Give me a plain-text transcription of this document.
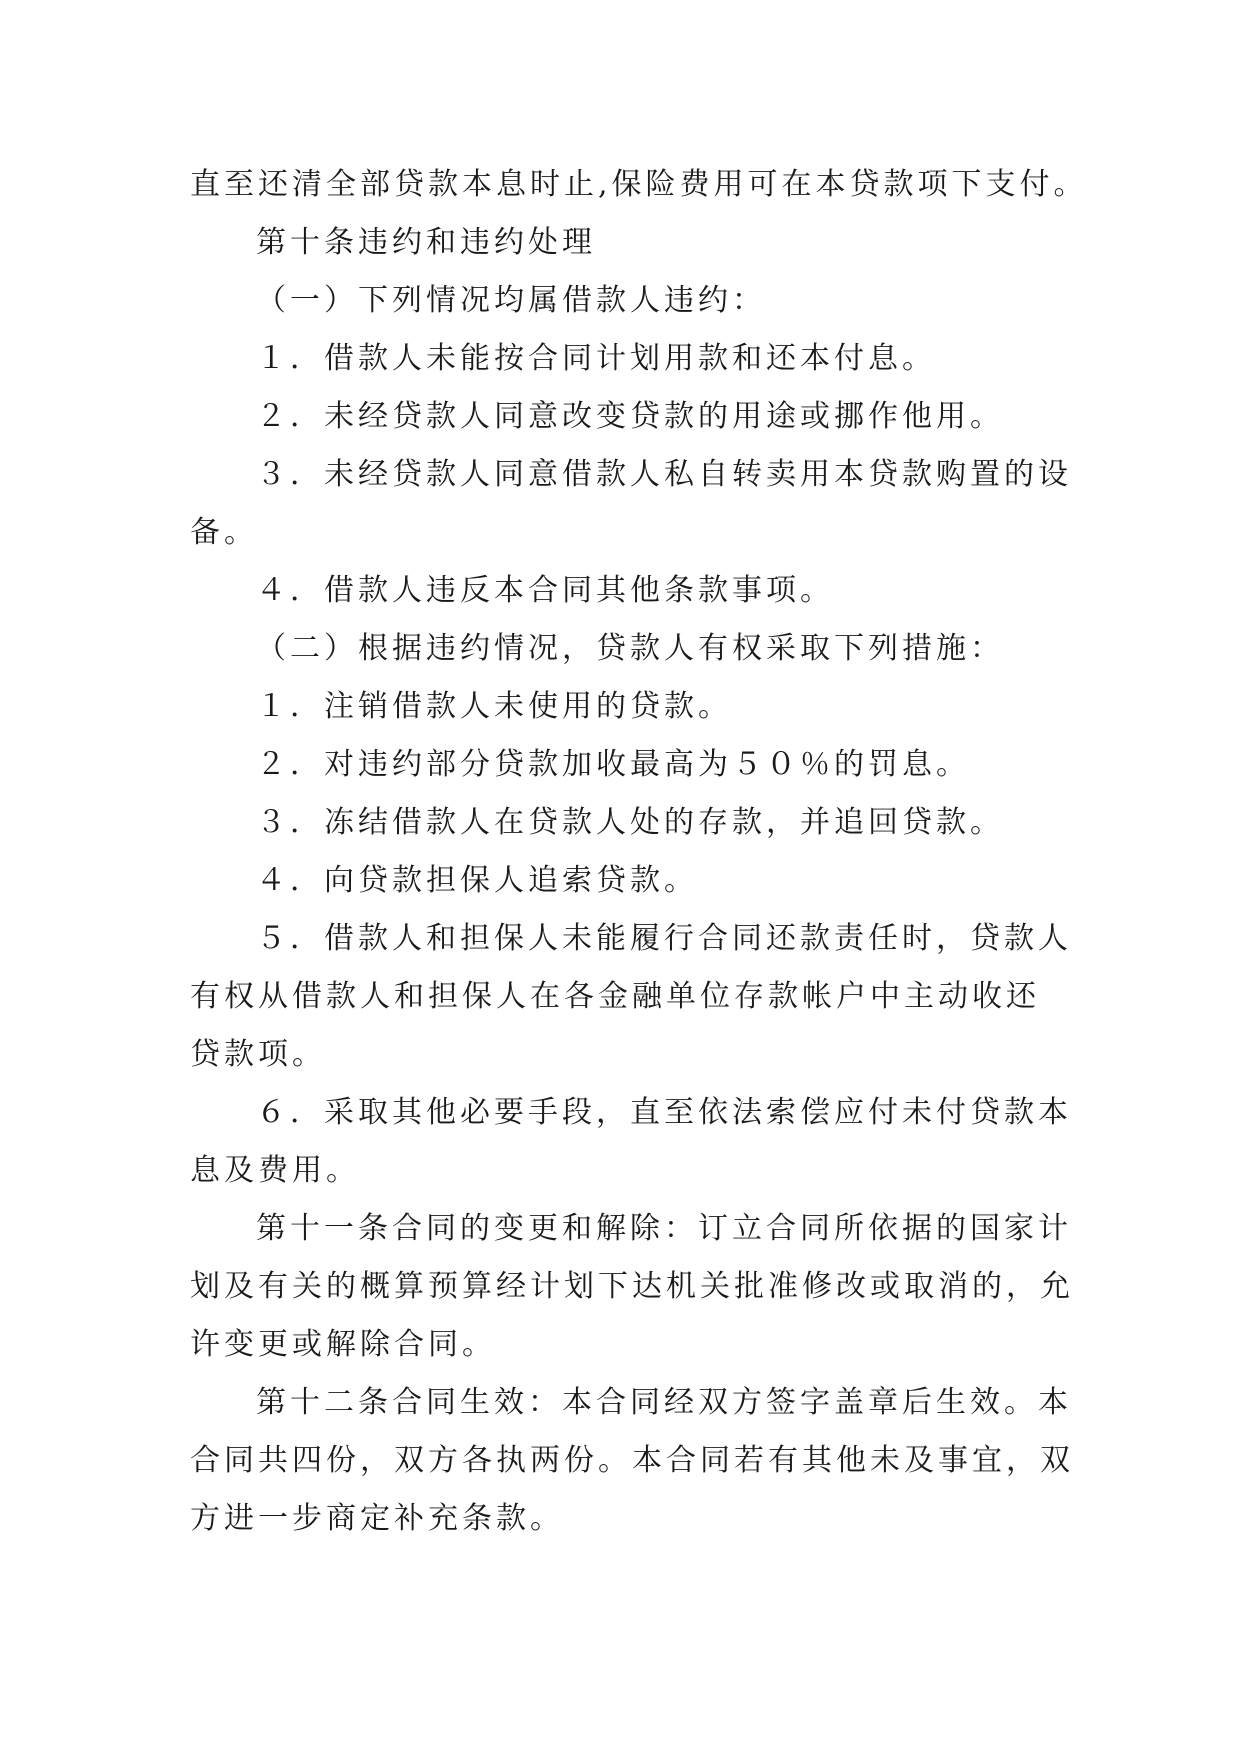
直至还清全部贷款本息时止,保险费用可在本贷款项下支付。
第十条违约和违约处理
（一）下列情况均属借款人违约：
１．借款人未能按合同计划用款和还本付息。
２．未经贷款人同意改变贷款的用途或挪作他用。
３．未经贷款人同意借款人私自转卖用本贷款购置的设
备。
４．借款人违反本合同其他条款事项。
（二）根据违约情况，贷款人有权采取下列措施：
１．注销借款人未使用的贷款。
２．对违约部分贷款加收最高为５０％的罚息。
３．冻结借款人在贷款人处的存款，并追回贷款。
４．向贷款担保人追索贷款。
５．借款人和担保人未能履行合同还款责任时，贷款人
有权从借款人和担保人在各金融单位存款帐户中主动收还
贷款项。
６．采取其他必要手段，直至依法索偿应付未付贷款本
息及费用。
第十一条合同的变更和解除：订立合同所依据的国家计
划及有关的概算预算经计划下达机关批准修改或取消的，允
许变更或解除合同。
第十二条合同生效：本合同经双方签字盖章后生效。本
合同共四份，双方各执两份。本合同若有其他未及事宜，双
方进一步商定补充条款。
